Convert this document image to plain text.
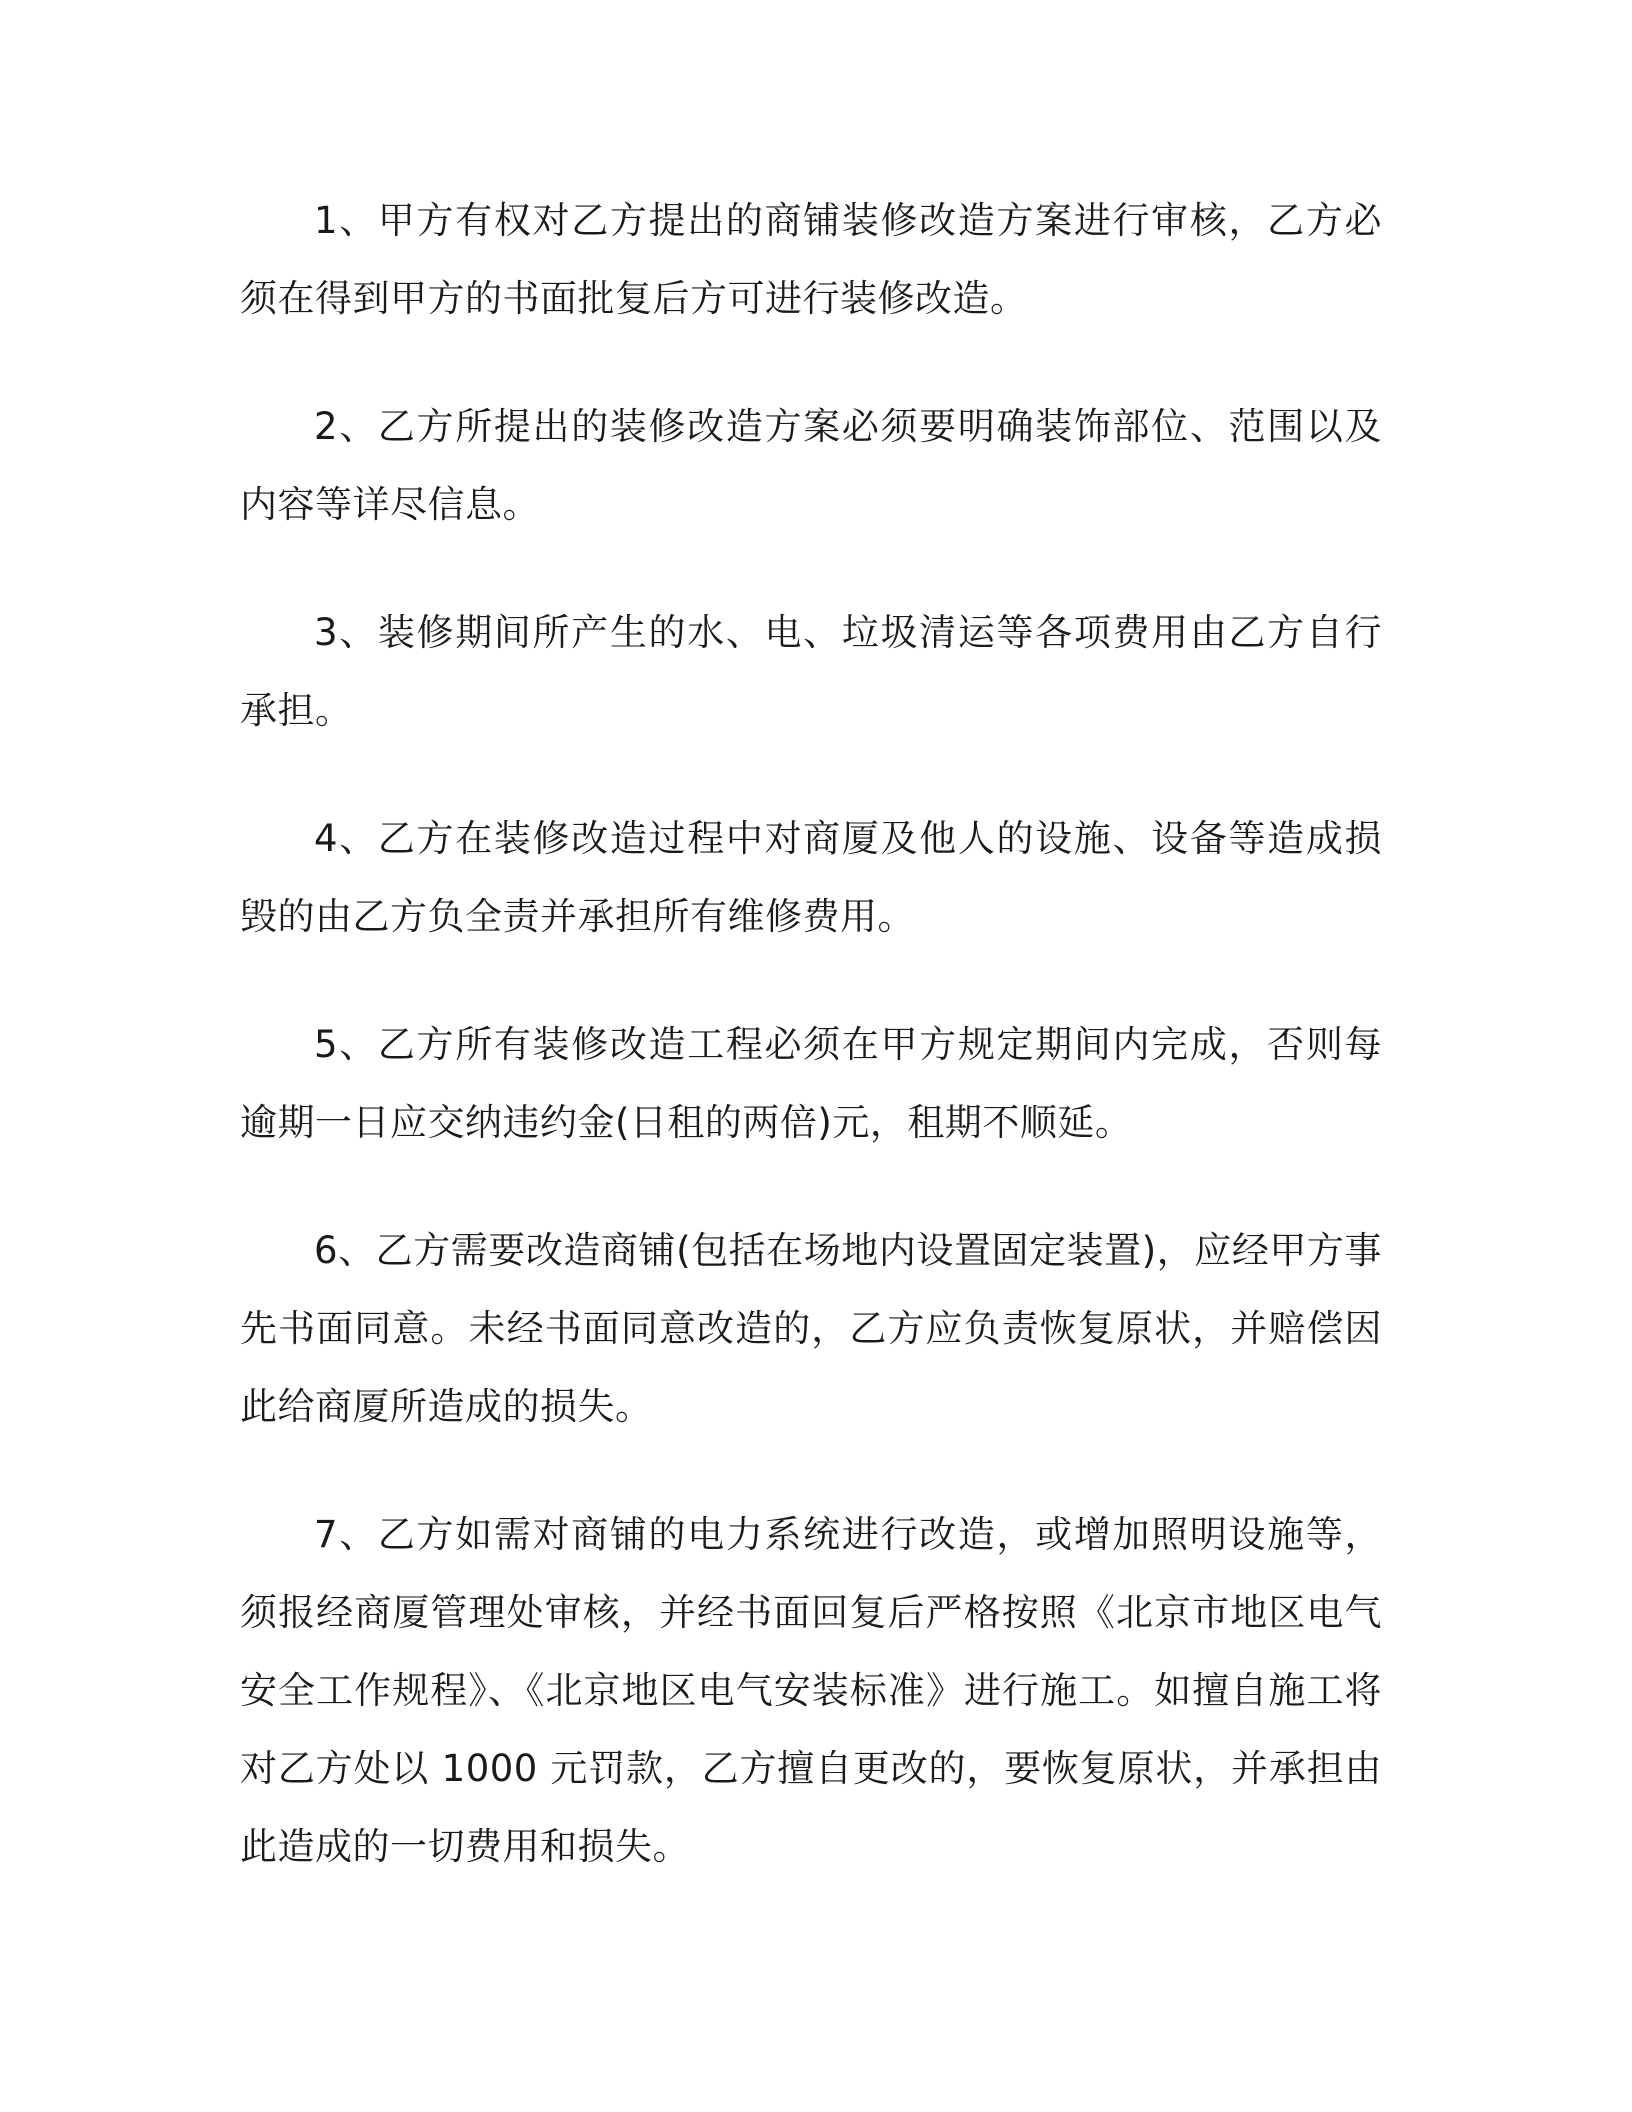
1、甲方有权对乙方提出的商铺装修改造方案进行审核，乙方必须在得到甲方的书面批复后方可进行装修改造。

2、乙方所提出的装修改造方案必须要明确装饰部位、范围以及内容等详尽信息。

3、装修期间所产生的水、电、垃圾清运等各项费用由乙方自行承担。

4、乙方在装修改造过程中对商厦及他人的设施、设备等造成损毁的由乙方负全责并承担所有维修费用。

5、乙方所有装修改造工程必须在甲方规定期间内完成，否则每逾期一日应交纳违约金(日租的两倍)元，租期不顺延。

6、乙方需要改造商铺(包括在场地内设置固定装置)，应经甲方事先书面同意。未经书面同意改造的，乙方应负责恢复原状，并赔偿因此给商厦所造成的损失。

7、乙方如需对商铺的电力系统进行改造，或增加照明设施等，须报经商厦管理处审核，并经书面回复后严格按照《北京市地区电气安全工作规程》、《北京地区电气安装标准》进行施工。如擅自施工将对乙方处以 1000 元罚款，乙方擅自更改的，要恢复原状，并承担由此造成的一切费用和损失。
